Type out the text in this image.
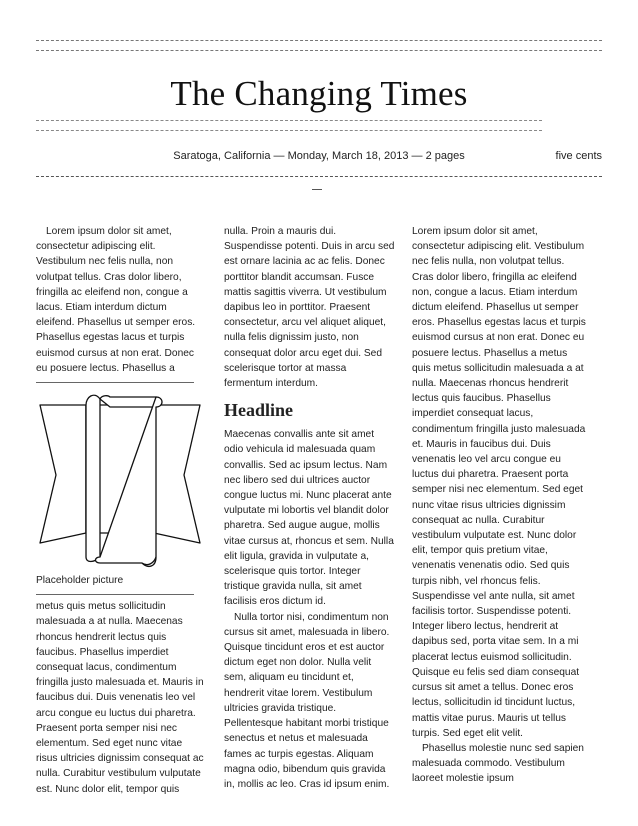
The Changing Times
Saratoga, California — Monday, March 18, 2013 — 2 pages	five cents

Lorem ipsum dolor sit amet, consectetur adipiscing elit. Vestibulum nec felis nulla, non volutpat tellus. Cras dolor libero, fringilla ac eleifend non, congue a lacus. Etiam interdum dictum eleifend. Phasellus ut semper eros. Phasellus egestas lacus et turpis euismod cursus at non erat. Donec eu posuere lectus. Phasellus a

Placeholder picture

metus quis metus sollicitudin malesuada a at nulla. Maecenas rhoncus hendrerit lectus quis faucibus. Phasellus imperdiet consequat lacus, condimentum fringilla justo malesuada et. Mauris in faucibus dui. Duis venenatis leo vel arcu congue eu luctus dui pharetra. Praesent porta semper nisi nec elementum. Sed eget nunc vitae risus ultricies dignissim consequat ac nulla. Curabitur vestibulum vulputate est. Nunc dolor elit, tempor quis

nulla. Proin a mauris dui. Suspendisse potenti. Duis in arcu sed est ornare lacinia ac ac felis. Donec porttitor blandit accumsan. Fusce mattis sagittis viverra. Ut vestibulum dapibus leo in porttitor. Praesent consectetur, arcu vel aliquet aliquet, nulla felis dignissim justo, non consequat dolor arcu eget dui. Sed scelerisque tortor at massa fermentum interdum.

Headline

Maecenas convallis ante sit amet odio vehicula id malesuada quam convallis. Sed ac ipsum lectus. Nam nec libero sed dui ultrices auctor congue luctus mi. Nunc placerat ante vulputate mi lobortis vel blandit dolor pharetra. Sed augue augue, mollis vitae cursus at, rhoncus et sem. Nulla elit ligula, gravida in vulputate a, scelerisque quis tortor. Integer tristique gravida nulla, sit amet facilisis eros dictum id.

Nulla tortor nisi, condimentum non cursus sit amet, malesuada in libero. Quisque tincidunt eros et est auctor dictum eget non dolor. Nulla velit sem, aliquam eu tincidunt et, hendrerit vitae lorem. Vestibulum ultricies gravida tristique. Pellentesque habitant morbi tristique senectus et netus et malesuada fames ac turpis egestas. Aliquam magna odio, bibendum quis gravida in, mollis ac leo. Cras id ipsum enim.

Lorem ipsum dolor sit amet, consectetur adipiscing elit. Vestibulum nec felis nulla, non volutpat tellus. Cras dolor libero, fringilla ac eleifend non, congue a lacus. Etiam interdum dictum eleifend. Phasellus ut semper eros. Phasellus egestas lacus et turpis euismod cursus at non erat. Donec eu posuere lectus. Phasellus a metus quis metus sollicitudin malesuada a at nulla. Maecenas rhoncus hendrerit lectus quis faucibus. Phasellus imperdiet consequat lacus, condimentum fringilla justo malesuada et. Mauris in faucibus dui. Duis venenatis leo vel arcu congue eu luctus dui pharetra. Praesent porta semper nisi nec elementum. Sed eget nunc vitae risus ultricies dignissim consequat ac nulla. Curabitur vestibulum vulputate est. Nunc dolor elit, tempor quis pretium vitae, venenatis venenatis odio. Sed quis turpis nibh, vel rhoncus felis. Suspendisse vel ante nulla, sit amet facilisis tortor. Suspendisse potenti. Integer libero lectus, hendrerit at dapibus sed, porta vitae sem. In a mi placerat lectus euismod sollicitudin. Quisque eu felis sed diam consequat cursus sit amet a tellus. Donec eros lectus, sollicitudin id tincidunt luctus, mattis vitae purus. Mauris ut tellus turpis. Sed eget elit velit.

Phasellus molestie nunc sed sapien malesuada commodo. Vestibulum laoreet molestie ipsum
